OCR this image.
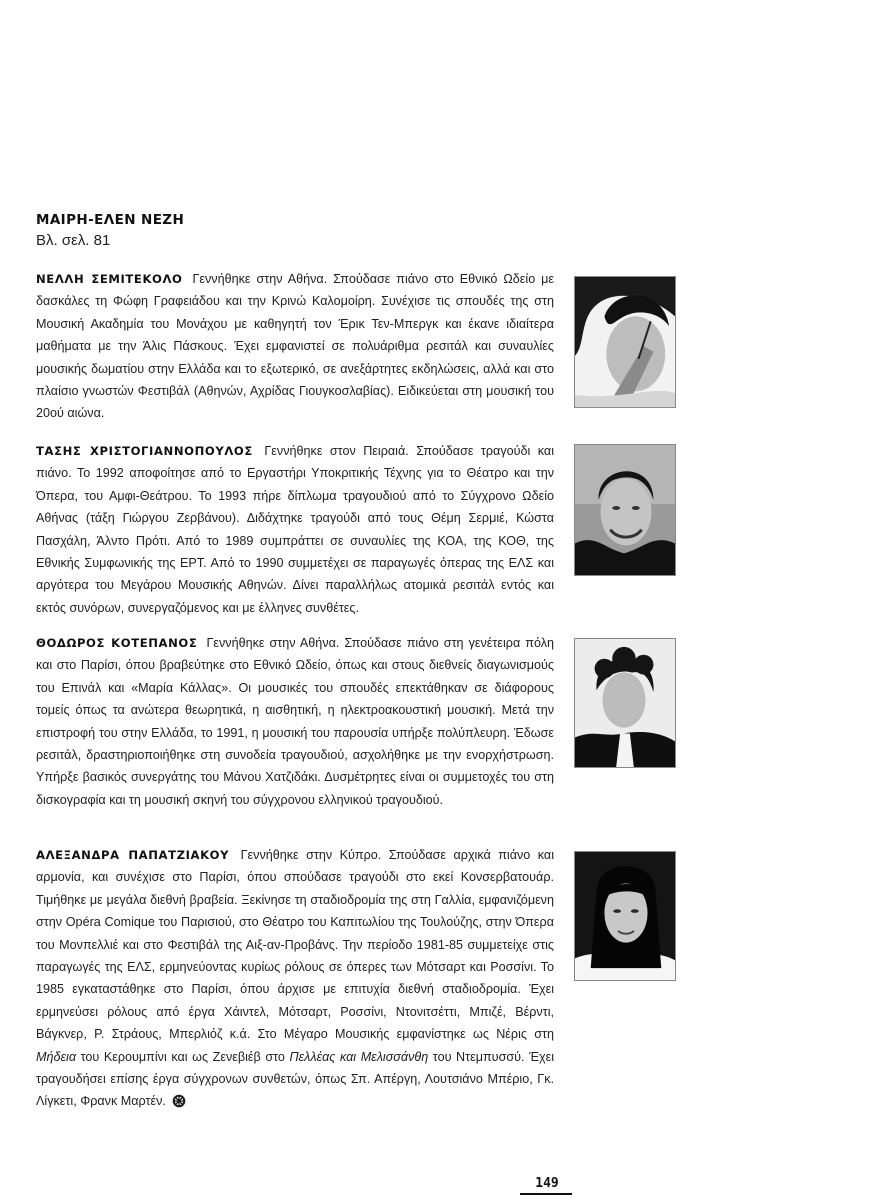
ΜΑΙΡΗ-ΕΛΕΝ ΝΕΖΗ
Βλ. σελ. 81
ΝΕΛΛΗ ΣΕΜΙΤΕΚΟΛΟ Γεννήθηκε στην Αθήνα. Σπούδασε πιάνο στο Εθνικό Ωδείο με δασκάλες τη Φώφη Γραφειάδου και την Κρινώ Καλομοίρη. Συνέχισε τις σπουδές της στη Μουσική Ακαδημία του Μονάχου με καθηγητή τον Έρικ Τεν-Μπεργκ και έκανε ιδιαίτερα μαθήματα με την Άλις Πάσκους. Έχει εμφανιστεί σε πολυάριθμα ρεσιτάλ και συναυλίες μουσικής δωματίου στην Ελλάδα και το εξωτερικό, σε ανεξάρτητες εκδηλώσεις, αλλά και στο πλαίσιο γνωστών Φεστιβάλ (Αθηνών, Αχρίδας Γιουγκοσλαβίας). Ειδικεύεται στη μουσική του 20ού αιώνα.
ΤΑΣΗΣ ΧΡΙΣΤΟΓΙΑΝΝΟΠΟΥΛΟΣ Γεννήθηκε στον Πειραιά. Σπούδασε τραγούδι και πιάνο. Το 1992 αποφοίτησε από το Εργαστήρι Υποκριτικής Τέχνης για το Θέατρο και την Όπερα, του Αμφι-Θεάτρου. Το 1993 πήρε δίπλωμα τραγουδιού από το Σύγχρονο Ωδείο Αθήνας (τάξη Γιώργου Ζερβάνου). Διδάχτηκε τραγούδι από τους Θέμη Σερμιέ, Κώστα Πασχάλη, Άλντο Πρότι. Από το 1989 συμπράττει σε συναυλίες της ΚΟΑ, της ΚΟΘ, της Εθνικής Συμφωνικής της ΕΡΤ. Από το 1990 συμμετέχει σε παραγωγές όπερας της ΕΛΣ και αργότερα του Μεγάρου Μουσικής Αθηνών. Δίνει παραλλήλως ατομικά ρεσιτάλ εντός και εκτός συνόρων, συνεργαζόμενος και με έλληνες συνθέτες.
ΘΟΔΩΡΟΣ ΚΟΤΕΠΑΝΟΣ Γεννήθηκε στην Αθήνα. Σπούδασε πιάνο στη γενέτειρα πόλη και στο Παρίσι, όπου βραβεύτηκε στο Εθνικό Ωδείο, όπως και στους διεθνείς διαγωνισμούς του Επινάλ και «Μαρία Κάλλας». Οι μουσικές του σπουδές επεκτάθηκαν σε διάφορους τομείς όπως τα ανώτερα θεωρητικά, η αισθητική, η ηλεκτροακουστική μουσική. Μετά την επιστροφή του στην Ελλάδα, το 1991, η μουσική του παρουσία υπήρξε πολύπλευρη. Έδωσε ρεσιτάλ, δραστηριοποιήθηκε στη συνοδεία τραγουδιού, ασχολήθηκε με την ενορχήστρωση. Υπήρξε βασικός συνεργάτης του Μάνου Χατζιδάκι. Δυσμέτρητες είναι οι συμμετοχές του στη δισκογραφία και τη μουσική σκηνή του σύγχρονου ελληνικού τραγουδιού.
ΑΛΕΞΑΝΔΡΑ ΠΑΠΑΤΖΙΑΚΟΥ Γεννήθηκε στην Κύπρο. Σπούδασε αρχικά πιάνο και αρμονία, και συνέχισε στο Παρίσι, όπου σπούδασε τραγούδι στο εκεί Κονσερβατουάρ. Τιμήθηκε με μεγάλα διεθνή βραβεία. Ξεκίνησε τη σταδιοδρομία της στη Γαλλία, εμφανιζόμενη στην Opéra Comique του Παρισιού, στο Θέατρο του Καπιτωλίου της Τουλούζης, στην Όπερα του Μονπελλιέ και στο Φεστιβάλ της Αιξ-αν-Προβάνς. Την περίοδο 1981-85 συμμετείχε στις παραγωγές της ΕΛΣ, ερμηνεύοντας κυρίως ρόλους σε όπερες των Μότσαρτ και Ροσσίνι. Το 1985 εγκαταστάθηκε στο Παρίσι, όπου άρχισε με επιτυχία διεθνή σταδιοδρομία. Έχει ερμηνεύσει ρόλους από έργα Χάιντελ, Μότσαρτ, Ροσσίνι, Ντονιτσέττι, Μπιζέ, Βέρντι, Βάγκνερ, Ρ. Στράους, Μπερλιόζ κ.ά. Στο Μέγαρο Μουσικής εμφανίστηκε ως Νέρις στη Μήδεια του Κερουμπίνι και ως Ζενεβιέβ στο Πελλέας και Μελισσάνθη του Ντεμπυσσύ. Έχει τραγουδήσει επίσης έργα σύγχρονων συνθετών, όπως Σπ. Απέργη, Λουτσιάνο Μπέριο, Γκ. Λίγκετι, Φρανκ Μαρτέν.
149
